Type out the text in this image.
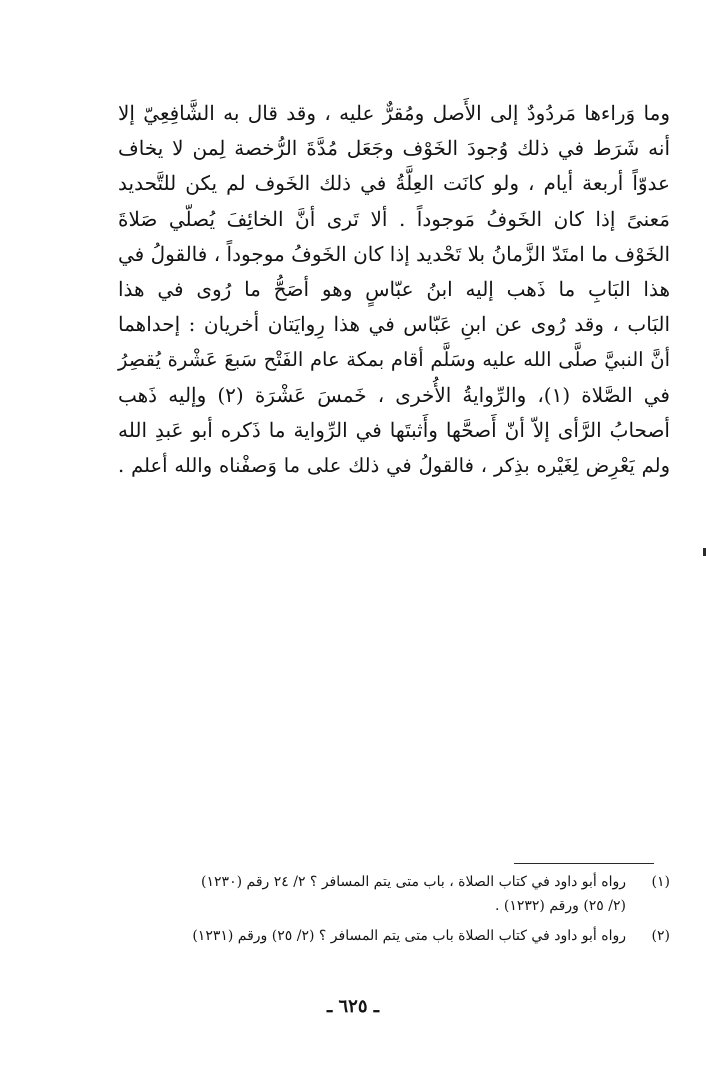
وما وَراءها مَردُودٌ إلى الأَصل ومُقرٌّ عليه ، وقد قال به الشَّافِعِيّ إلا
أنه شَرَط في ذلك وُجودَ الخَوْف وجَعَل مُدَّةَ الرُّخصة لِمن لا يخاف
عدوّاً أربعة أيام ، ولو كانَت العِلَّةُ في ذلك الخَوف لم يكن للتَّحديد
مَعنىً إذا كان الخَوفُ مَوجوداً . ألا تَرى أنَّ الخائِفَ يُصلّي صَلاةَ
الخَوْف ما امتَدّ الزَّمانُ بلا تَحْديد إذا كان الخَوفُ موجوداً ، فالقولُ في
هذا البَابِ ما ذَهب إليه ابنُ عبّاسٍ وهو أصَحُّ ما رُوى في هذا
البَاب ، وقد رُوى عن ابنِ عَبّاس في هذا رِوايَتان أخريان : إحداهما
أنَّ النبيَّ صلَّى الله عليه وسَلَّم أقام بمكة عام الفَتْح سَبعَ عَشْرة يُقصِرُ
في الصَّلاة (١)، والرِّوايةُ الأُخرى ، خَمسَ عَشْرَة (٢) وإليه ذَهب
أصحابُ الرَّأى إلاّ أنّ أَصحَّها وأَثبتَها في الرِّواية ما ذَكره أبو عَبدِ الله
ولم يَعْرِض لِغَيْره بذِكر ، فالقولُ في ذلك على ما وَصفْناه والله أعلم .
(١)
رواه أبو داود في كتاب الصلاة ، باب متى يتم المسافر ؟ ٢/ ٢٤ رقم (١٢٣٠)
(٢/ ٢٥) ورقم (١٢٣٢) .
(٢)
رواه أبو داود في كتاب الصلاة باب متى يتم المسافر ؟ (٢/ ٢٥) ورقم (١٢٣١)
ـ ٦٢٥ ـ
